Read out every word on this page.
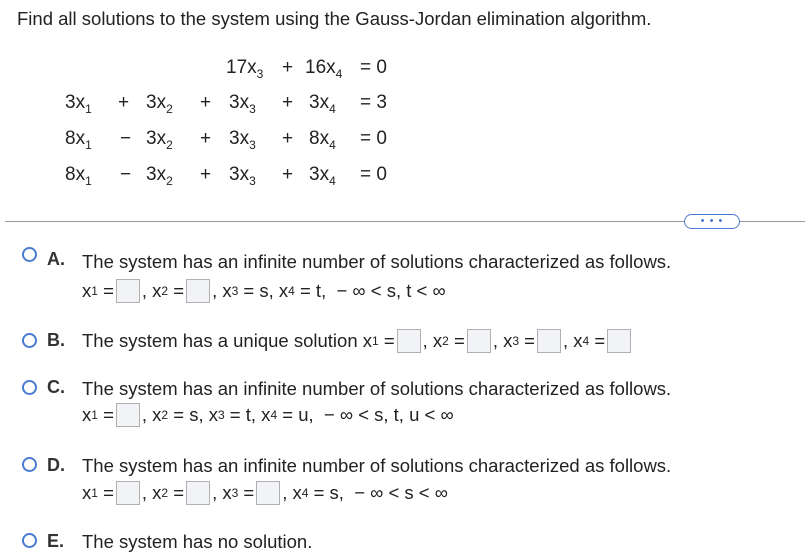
Find all solutions to the system using the Gauss-Jordan elimination algorithm.
$17x_3 + 16x_4 = 0$
$3x_1 + 3x_2 + 3x_3 + 3x_4 = 3$
$8x_1 - 3x_2 + 3x_3 + 8x_4 = 0$
$8x_1 - 3x_2 + 3x_3 + 3x_4 = 0$
• • •
A. The system has an infinite number of solutions characterized as follows.
x 1 = , x 2 = , x 3 = s, x 4 = t,  − ∞ < s, t < ∞
B. The system has a unique solution x 1 = , x 2 = , x 3 = , x 4 =
C. The system has an infinite number of solutions characterized as follows.
x 1 = , x 2 = s, x 3 = t, x 4 = u,  − ∞ < s, t, u < ∞
D. The system has an infinite number of solutions characterized as follows.
x 1 = , x 2 = , x 3 = , x 4 = s,  − ∞ < s < ∞
E. The system has no solution.
